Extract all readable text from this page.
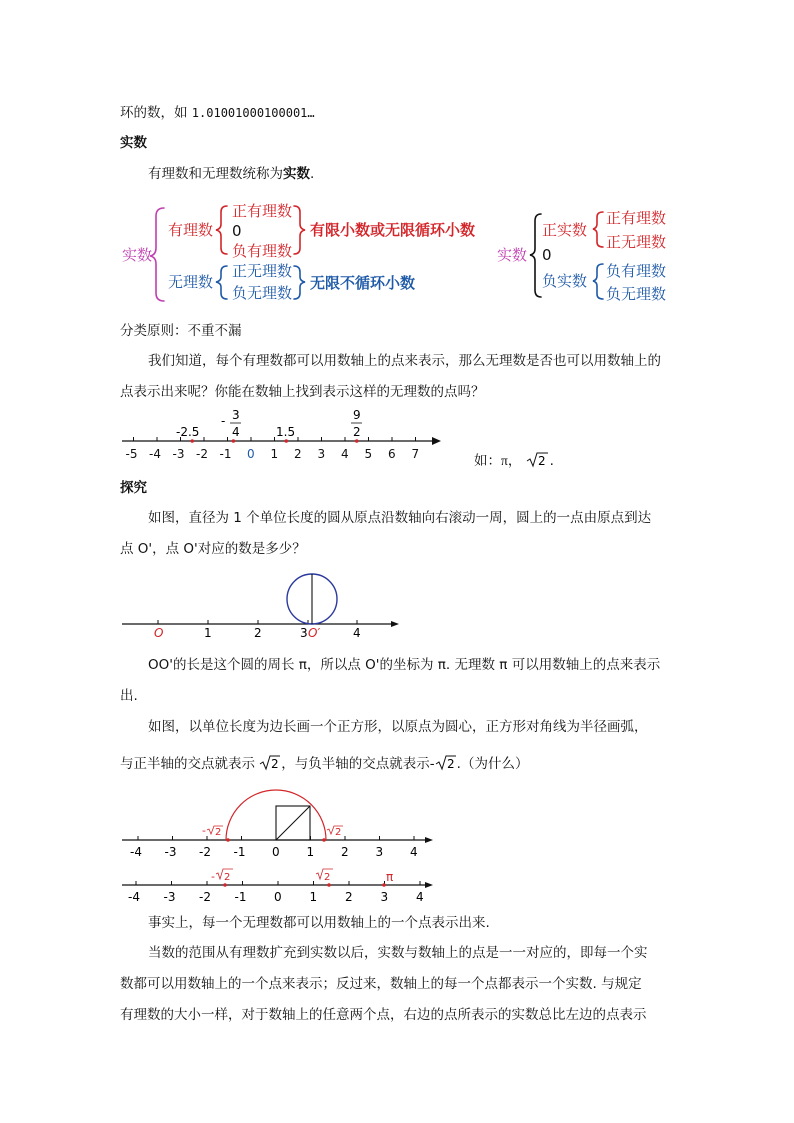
环的数，如 1.01001000100001…
实数
有理数和无理数统称为实数.
实数
有理数
正有理数
0
负有理数
有限小数或无限循环小数
无理数
正无理数
负无理数
无限不循环小数
实数
正实数
0
负实数
正有理数
正无理数
负有理数
负无理数
分类原则：不重不漏
我们知道，每个有理数都可以用数轴上的点来表示，那么无理数是否也可以用数轴上的
点表示出来呢？你能在数轴上找到表示这样的无理数的点吗？
-5 -4 -3 -2 -1 0 1 2 3 4 5 6 7
-2.5
- 3
4	1.5
9
2
如：π， 2 .
探究
如图，直径为 1 个单位长度的圆从原点沿数轴向右滚动一周，圆上的一点由原点到达
点 O'，点 O'对应的数是多少？
O	1	2	3 O′	4
OO'的长是这个圆的周长 π，所以点 O'的坐标为 π. 无理数 π 可以用数轴上的点来表示
出.
如图，以单位长度为边长画一个正方形，以原点为圆心，正方形对角线为半径画弧，
与正半轴的交点就表示 2 ，与负半轴的交点就表示- 2 .（为什么）
-4 -3 -2 -1 0 1 2 3 4
- 2	2
-4 -3 -2 -1 0 1 2 3 4
- 2	2	π
事实上，每一个无理数都可以用数轴上的一个点表示出来.
当数的范围从有理数扩充到实数以后，实数与数轴上的点是一一对应的，即每一个实
数都可以用数轴上的一个点来表示；反过来，数轴上的每一个点都表示一个实数. 与规定
有理数的大小一样，对于数轴上的任意两个点，右边的点所表示的实数总比左边的点表示
